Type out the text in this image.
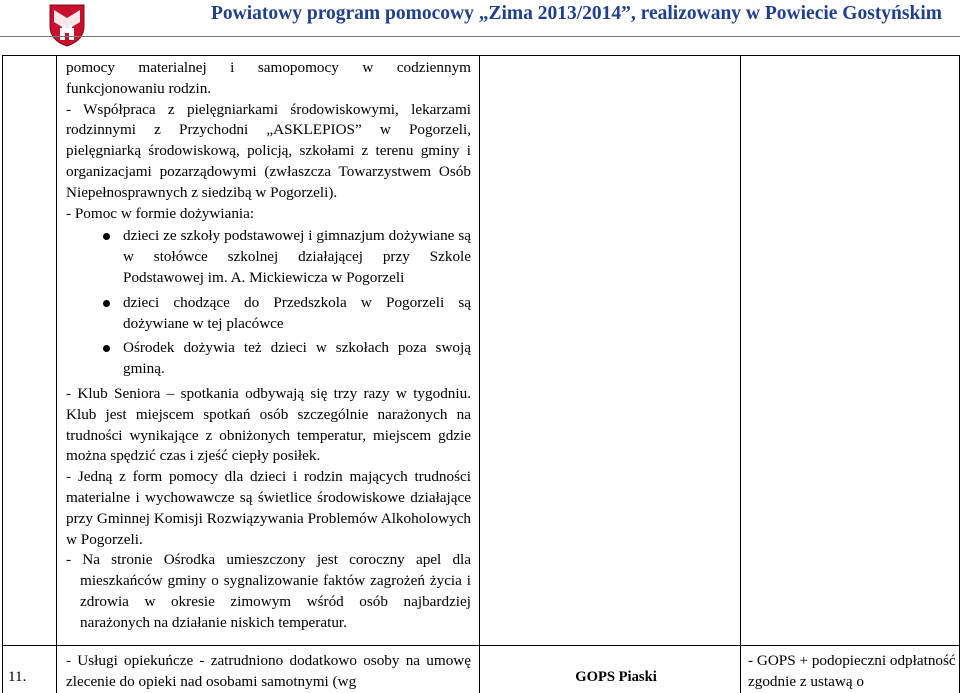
Powiatowy program pomocowy „Zima 2013/2014”, realizowany w Powiecie Gostyńskim

pomocy materialnej i samopomocy w codziennym funkcjonowaniu rodzin.

- Współpraca z pielęgniarkami środowiskowymi, lekarzami rodzinnymi z Przychodni „ASKLEPIOS” w Pogorzeli, pielęgniarką środowiskową, policją, szkołami z terenu gminy i organizacjami pozarządowymi (zwłaszcza Towarzystwem Osób Niepełnosprawnych z siedzibą w Pogorzeli).

- Pomoc w formie dożywiania:

dzieci ze szkoły podstawowej i gimnazjum dożywiane są w stołówce szkolnej działającej przy Szkole Podstawowej im. A. Mickiewicza w Pogorzeli
dzieci chodzące do Przedszkola w Pogorzeli są dożywiane w tej placówce
Ośrodek dożywia też dzieci w szkołach poza swoją gminą.

- Klub Seniora – spotkania odbywają się trzy razy w tygodniu. Klub jest miejscem spotkań osób szczególnie narażonych na trudności wynikające z obniżonych temperatur, miejscem gdzie można spędzić czas i zjeść ciepły posiłek.

- Jedną z form pomocy dla dzieci i rodzin mających trudności materialne i wychowawcze są świetlice środowiskowe działające przy Gminnej Komisji Rozwiązywania Problemów Alkoholowych w Pogorzeli.

- Na stronie Ośrodka umieszczony jest coroczny apel dla mieszkańców gminy o sygnalizowanie faktów zagrożeń życia i zdrowia w okresie zimowym wśród osób najbardziej narażonych na działanie niskich temperatur.

11.
- Usługi opiekuńcze - zatrudniono dodatkowo osoby na umowę zlecenie do opieki nad osobami samotnymi (wg	GOPS Piaski
- GOPS + podopieczni odpłatność zgodnie z ustawą o
